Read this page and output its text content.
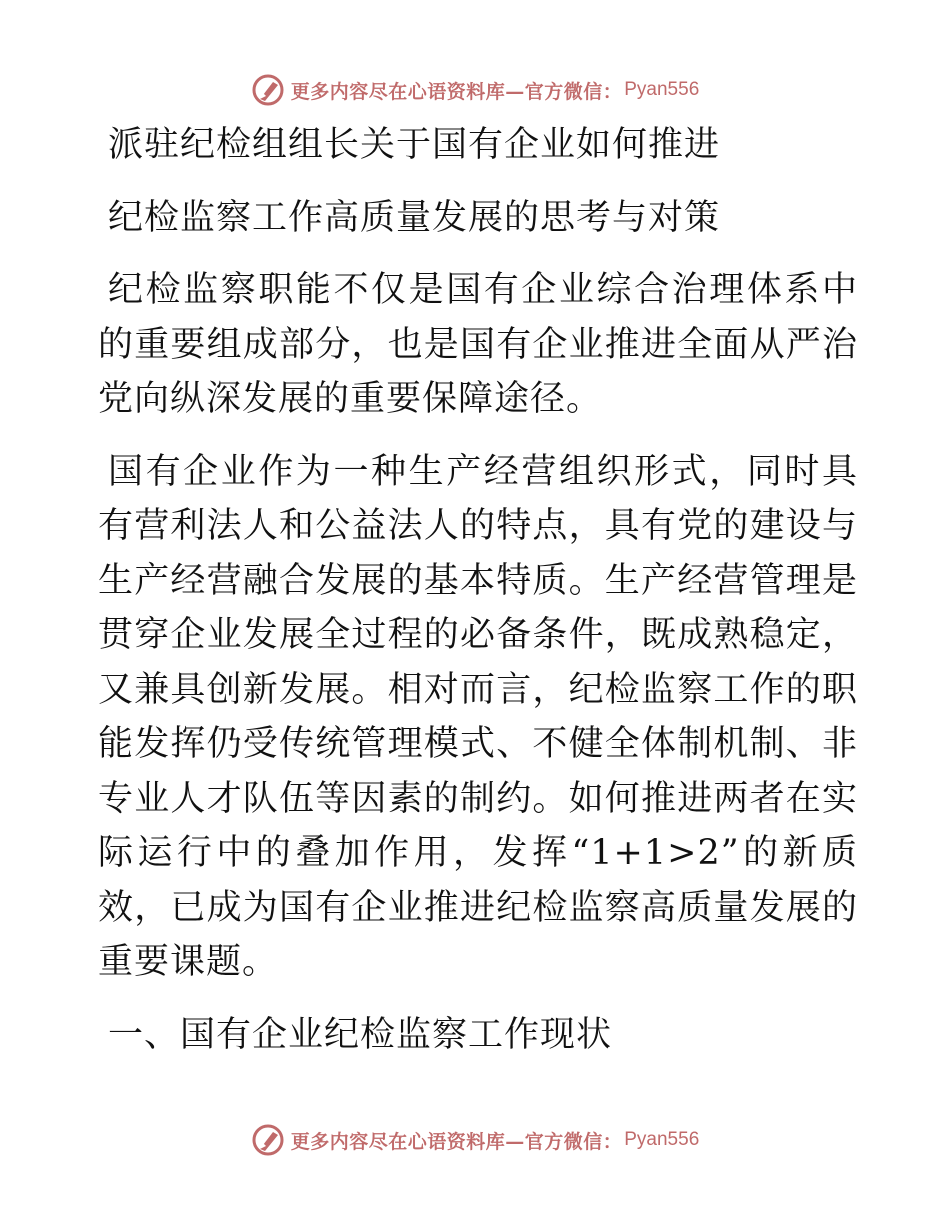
更多内容尽在心语资料库—官方微信： Pyan556

派驻纪检组组长关于国有企业如何推进

纪检监察工作高质量发展的思考与对策

纪检监察职能不仅是国有企业综合治理体系中的重要组成部分，也是国有企业推进全面从严治党向纵深发展的重要保障途径。

国有企业作为一种生产经营组织形式，同时具有营利法人和公益法人的特点，具有党的建设与生产经营融合发展的基本特质。生产经营管理是贯穿企业发展全过程的必备条件，既成熟稳定，又兼具创新发展。相对而言，纪检监察工作的职能发挥仍受传统管理模式、不健全体制机制、非专业人才队伍等因素的制约。如何推进两者在实际运行中的叠加作用，发挥“1+1>2”的新质效，已成为国有企业推进纪检监察高质量发展的重要课题。

一、国有企业纪检监察工作现状

更多内容尽在心语资料库—官方微信： Pyan556
